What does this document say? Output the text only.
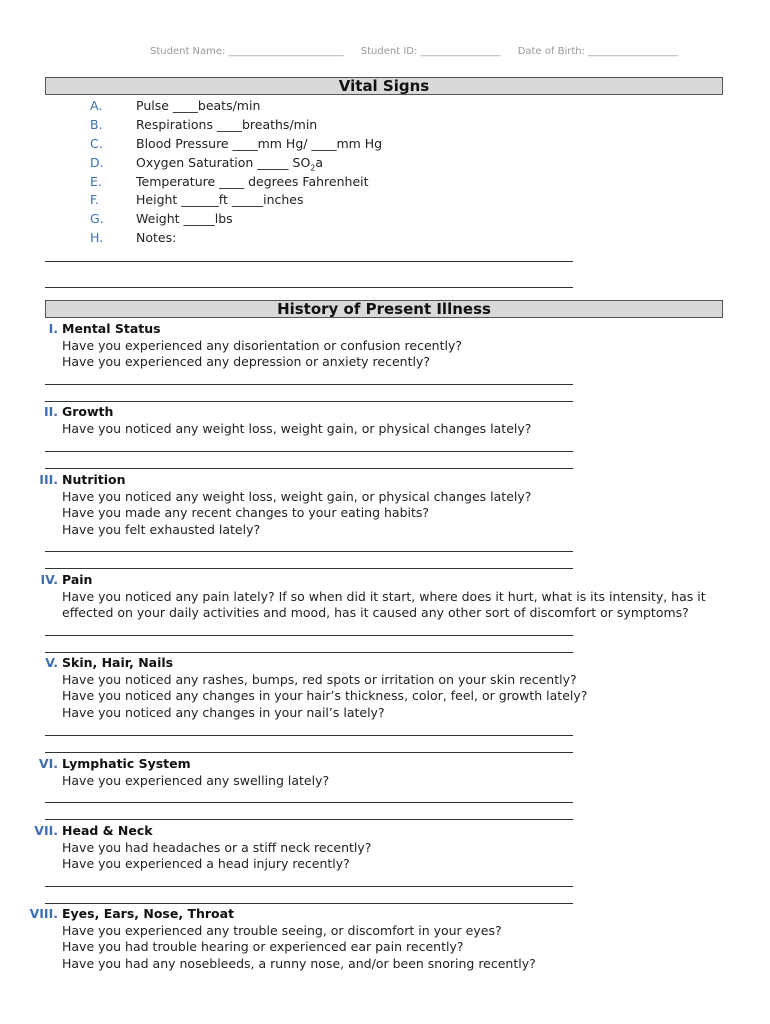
Student Name: _______________________ Student ID: ________________ Date of Birth: __________________
Vital Signs
A.	Pulse ____beats/min
B.	Respirations ____breaths/min
C.	Blood Pressure ____mm Hg/ ____mm Hg
D.	Oxygen Saturation _____ $SO_2a$
E.	Temperature ____ degrees Fahrenheit
F.	Height ______ft _____inches
G.	Weight _____lbs
H.	Notes:
History of Present Illness
I. Mental Status
Have you experienced any disorientation or confusion recently?
Have you experienced any depression or anxiety recently?
II. Growth
Have you noticed any weight loss, weight gain, or physical changes lately?
III. Nutrition
Have you noticed any weight loss, weight gain, or physical changes lately?
Have you made any recent changes to your eating habits?
Have you felt exhausted lately?
IV. Pain
Have you noticed any pain lately? If so when did it start, where does it hurt, what is its intensity, has it
effected on your daily activities and mood, has it caused any other sort of discomfort or symptoms?
V. Skin, Hair, Nails
Have you noticed any rashes, bumps, red spots or irritation on your skin recently?
Have you noticed any changes in your hair’s thickness, color, feel, or growth lately?
Have you noticed any changes in your nail’s lately?
VI. Lymphatic System
Have you experienced any swelling lately?
VII. Head & Neck
Have you had headaches or a stiff neck recently?
Have you experienced a head injury recently?
VIII. Eyes, Ears, Nose, Throat
Have you experienced any trouble seeing, or discomfort in your eyes?
Have you had trouble hearing or experienced ear pain recently?
Have you had any nosebleeds, a runny nose, and/or been snoring recently?
